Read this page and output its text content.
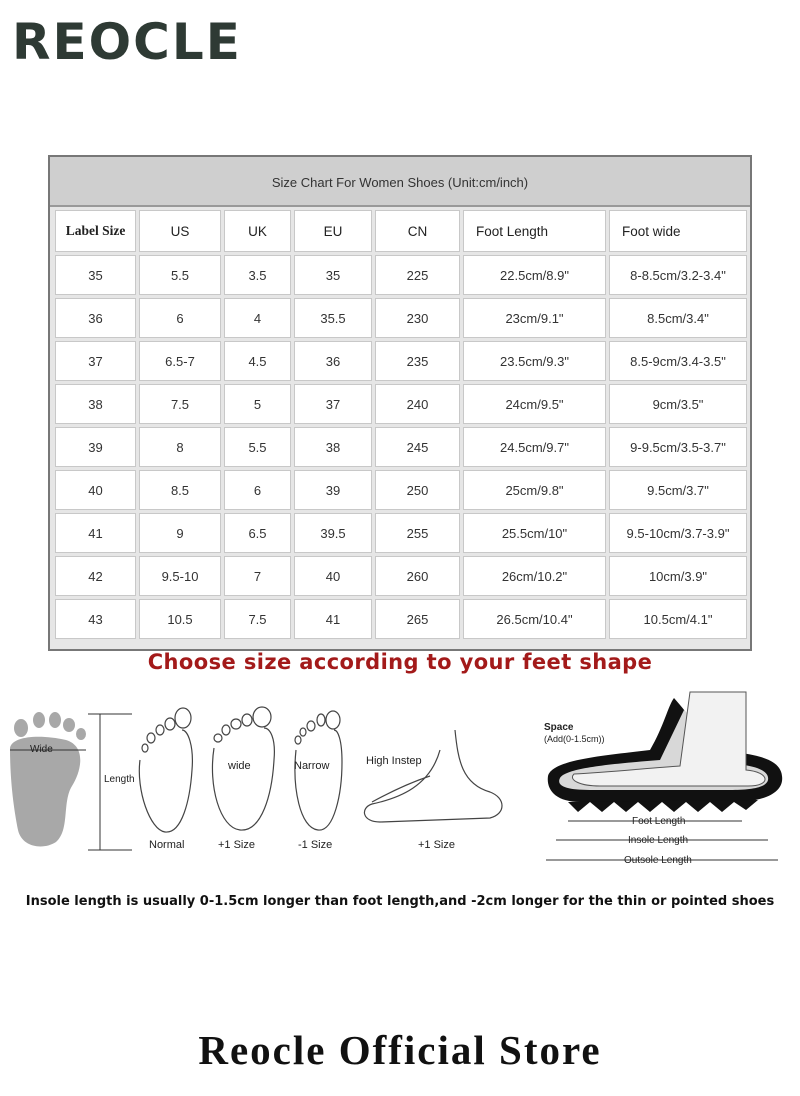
REOCLE
Size Chart For Women Shoes (Unit:cm/inch)
Label Size	US	UK	EU	CN	Foot Length	Foot wide
35	5.5	3.5	35	225	22.5cm/8.9"	8-8.5cm/3.2-3.4"
36	6	4	35.5	230	23cm/9.1"	8.5cm/3.4"
37	6.5-7	4.5	36	235	23.5cm/9.3"	8.5-9cm/3.4-3.5"
38	7.5	5	37	240	24cm/9.5"	9cm/3.5"
39	8	5.5	38	245	24.5cm/9.7"	9-9.5cm/3.5-3.7"
40	8.5	6	39	250	25cm/9.8"	9.5cm/3.7"
41	9	6.5	39.5	255	25.5cm/10"	9.5-10cm/3.7-3.9"
42	9.5-10	7	40	260	26cm/10.2"	10cm/3.9"
43	10.5	7.5	41	265	26.5cm/10.4"	10.5cm/4.1"
Choose size according to your feet shape
Wide
Length
Normal
wide
+1 Size
Narrow
-1 Size
High Instep
+1 Size
Space
(Add(0-1.5cm))
Foot Length
Insole Length
Outsole Length
Insole length is usually 0-1.5cm longer than foot length,and -2cm longer for the thin or pointed shoes
Reocle Official Store
